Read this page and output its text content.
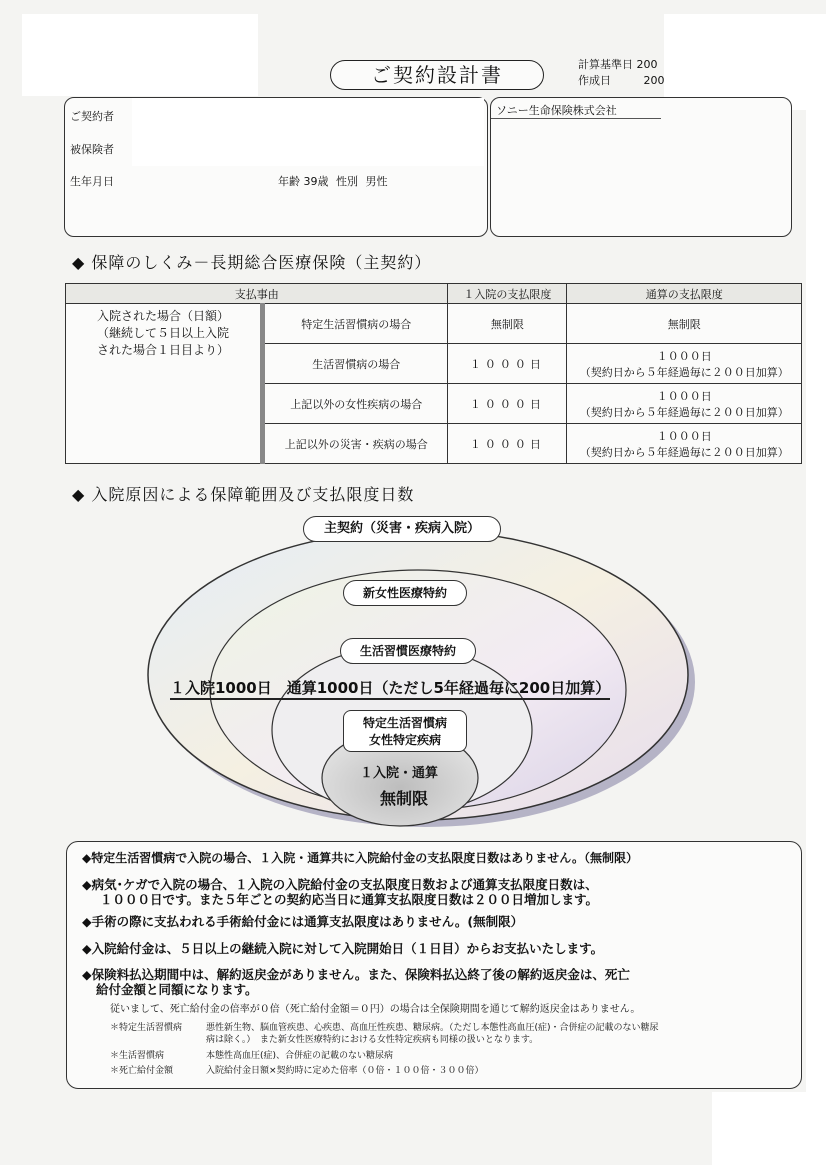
ご契約設計書	計算基準日 200
作成日	200
ご契約者
被保険者
生年月日	年齢 39歳 性別 男性
ソニー生命保険株式会社
◆ 保障のしくみ－長期総合医療保険（主契約）
支払事由		１入院の支払限度	通算の支払限度

入院された場合（日額）
（継続して５日以上入院
された場合１日目より）	特定生活習慣病の場合	無制限	無制限

	生活習慣病の場合	１０００日	１０００日
（契約日から５年経過毎に２００日加算）

	上記以外の女性疾病の場合	１０００日	１０００日
（契約日から５年経過毎に２００日加算）

	上記以外の災害・疾病の場合	１０００日	１０００日
（契約日から５年経過毎に２００日加算）
◆ 入院原因による保障範囲及び支払限度日数
主契約（災害・疾病入院）
新女性医療特約
生活習慣医療特約
１入院1000日　通算1000日（ただし5年経過毎に200日加算）
特定生活習慣病
女性特定疾病
１入院・通算
無制限
◆特定生活習慣病で入院の場合、１入院・通算共に入院給付金の支払限度日数はありません。（無制限）
◆病気･ケガで入院の場合、１入院の入院給付金の支払限度日数および通算支払限度日数は、
１０００日です。また５年ごとの契約応当日に通算支払限度日数は２００日増加します。
◆手術の際に支払われる手術給付金には通算支払限度はありません。(無制限）
◆入院給付金は、５日以上の継続入院に対して入院開始日（１日目）からお支払いたします。
◆保険料払込期間中は、解約返戻金がありません。また、保険料払込終了後の解約返戻金は、死亡
給付金額と同額になります。
従いまして、死亡給付金の倍率が０倍（死亡給付金額＝０円）の場合は全保険期間を通じて解約返戻金はありません。
＊特定生活習慣病	悪性新生物、脳血管疾患、心疾患、高血圧性疾患、糖尿病。（ただし本態性高血圧(症)・合併症の記載のない糖尿
病は除く。）　また新女性医療特約における女性特定疾病も同様の扱いとなります。
＊生活習慣病	本態性高血圧(症)、合併症の記載のない糖尿病
＊死亡給付金額	入院給付金日額×契約時に定めた倍率（０倍・１００倍・３００倍）
